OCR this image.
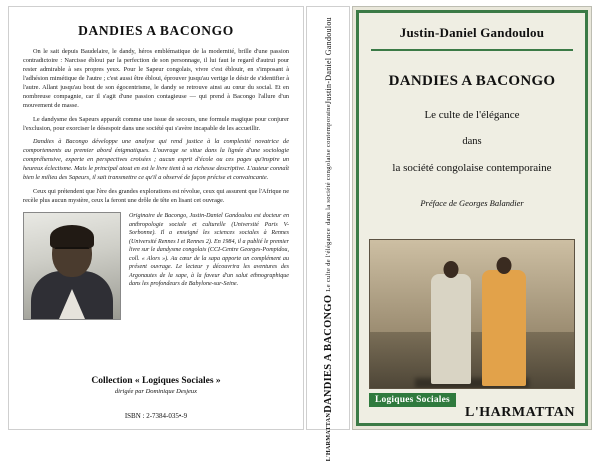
DANDIES A BACONGO

On le sait depuis Baudelaire, le dandy, héros emblématique de la modernité, brille d'une passion contradictoire : Narcisse ébloui par la perfection de son personnage, il lui faut le regard d'autrui pour rester admirable à ses propres yeux. Pour le Sapeur congolais, vivre c'est éblouir, en s'imposant à l'adhésion mimétique de l'autre ; c'est aussi être ébloui, éprouver jusqu'au vertige le désir de s'identifier à l'autre. Allant jusqu'au bout de son égocentrisme, le dandy se retrouve ainsi au cœur du social. Et en nombreuse compagnie, car il s'agit d'une passion contagieuse — qui prend à Bacongo l'allure d'un mouvement de masse.

Le dandysme des Sapeurs apparaît comme une issue de secours, une formule magique pour conjurer l'exclusion, pour exorciser le désespoir dans une société qui s'avère incapable de les accueillir.

Dandies à Bacongo développe une analyse qui rend justice à la complexité novatrice de comportements au premier abord énigmatiques. L'ouvrage se situe dans la lignée d'une sociologie compréhensive, experte en perspectives croisées ; aucun esprit d'école ou ces pages qu'inspire un heureux éclectisme. Mais le principal atout en est le livre tient à sa richesse descriptive. L'auteur connaît bien le milieu des Sapeurs, il sait transmettre ce qu'il a observé de façon précise et convaincante.

Ceux qui prétendent que l'ère des grandes explorations est révolue, ceux qui assurent que l'Afrique ne recèle plus aucun mystère, ceux la feront une drôle de tête en lisant cet ouvrage.

Originaire de Bacongo, Justin-Daniel Gandoulou est docteur en anthropologie sociale et culturelle (Université Paris V-Sorbonne). Il a enseigné les sciences sociales à Rennes (Université Rennes I et Rennes 2). En 1984, il a publié le premier livre sur le dandysme congolais (CCI-Centre Georges-Pompidou, coll. « Alors »). Au cœur de la sapa apporte un complément au présent ouvrage. Le lecteur y découvrira les aventures des Argonautes de la sape, à la faveur d'un salut ethnographique dans les profondeurs de Babylone-sur-Seine.
Collection « Logiques Sociales »
dirigée par Dominique Desjeux
ISBN : 2-7384-035•-9
Justin-Daniel Gandoulou
DANDIES A BACONGO Le culte de l'élégance dans la société congolaise contemporaine
L'HARMATTAN
Justin-Daniel Gandoulou
DANDIES A BACONGO
Le culte de l'élégance
dans
la société congolaise contemporaine
Préface de Georges Balandier
Logiques Sociales
L'HARMATTAN
